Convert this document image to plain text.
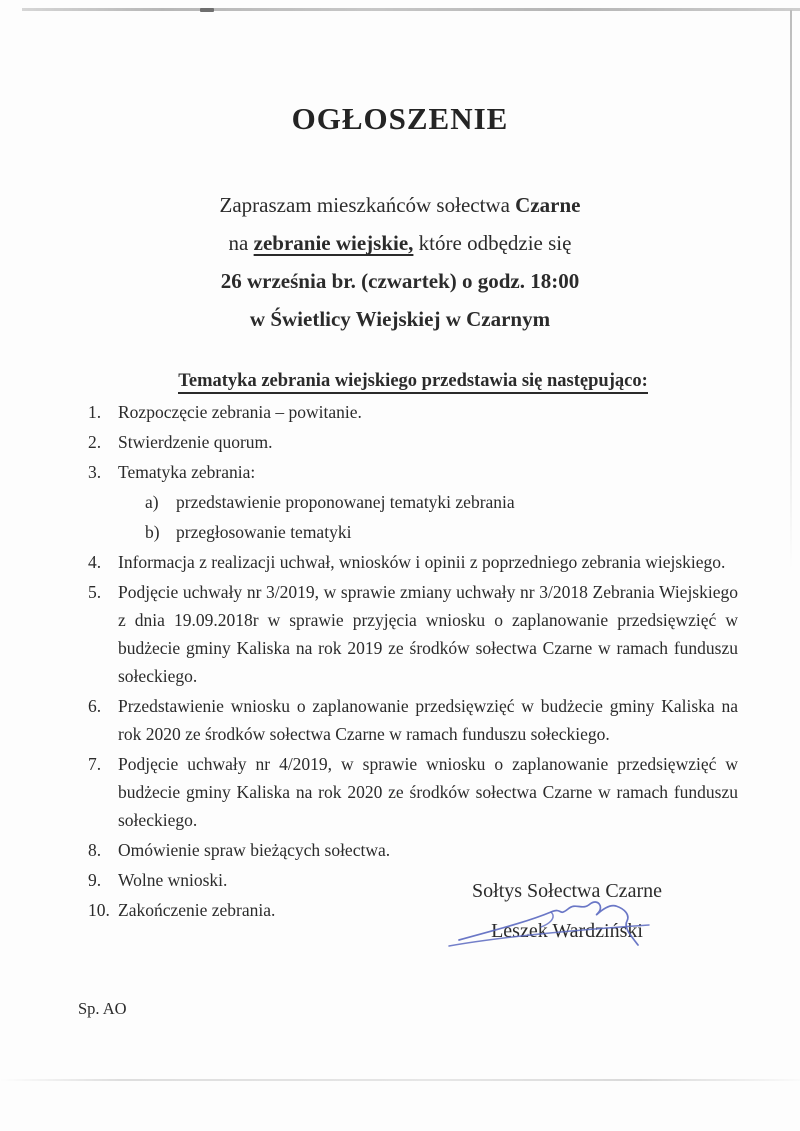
OGŁOSZENIE

Zapraszam mieszkańców sołectwa Czarne

na zebranie wiejskie, które odbędzie się

26 września br. (czwartek) o godz. 18:00

w Świetlicy Wiejskiej w Czarnym

Tematyka zebrania wiejskiego przedstawia się następująco:
1. Rozpoczęcie zebrania – powitanie.
2. Stwierdzenie quorum.
3. Tematyka zebrania:
a) przedstawienie proponowanej tematyki zebrania
b) przegłosowanie tematyki
4. Informacja z realizacji uchwał, wniosków i opinii z poprzedniego zebrania wiejskiego.
5. Podjęcie uchwały nr 3/2019, w sprawie zmiany uchwały nr 3/2018 Zebrania Wiejskiego z dnia 19.09.2018r w sprawie przyjęcia wniosku o zaplanowanie przedsięwzięć w budżecie gminy Kaliska na rok 2019 ze środków sołectwa Czarne w ramach funduszu sołeckiego.
6. Przedstawienie wniosku o zaplanowanie przedsięwzięć w budżecie gminy Kaliska na rok 2020 ze środków sołectwa Czarne w ramach funduszu sołeckiego.
7. Podjęcie uchwały nr 4/2019, w sprawie wniosku o zaplanowanie przedsięwzięć w budżecie gminy Kaliska na rok 2020 ze środków sołectwa Czarne w ramach funduszu sołeckiego.
8. Omówienie spraw bieżących sołectwa.
9. Wolne wnioski.
10. Zakończenie zebrania.
Sołtys Sołectwa Czarne
Leszek Wardziński
Sp. AO
